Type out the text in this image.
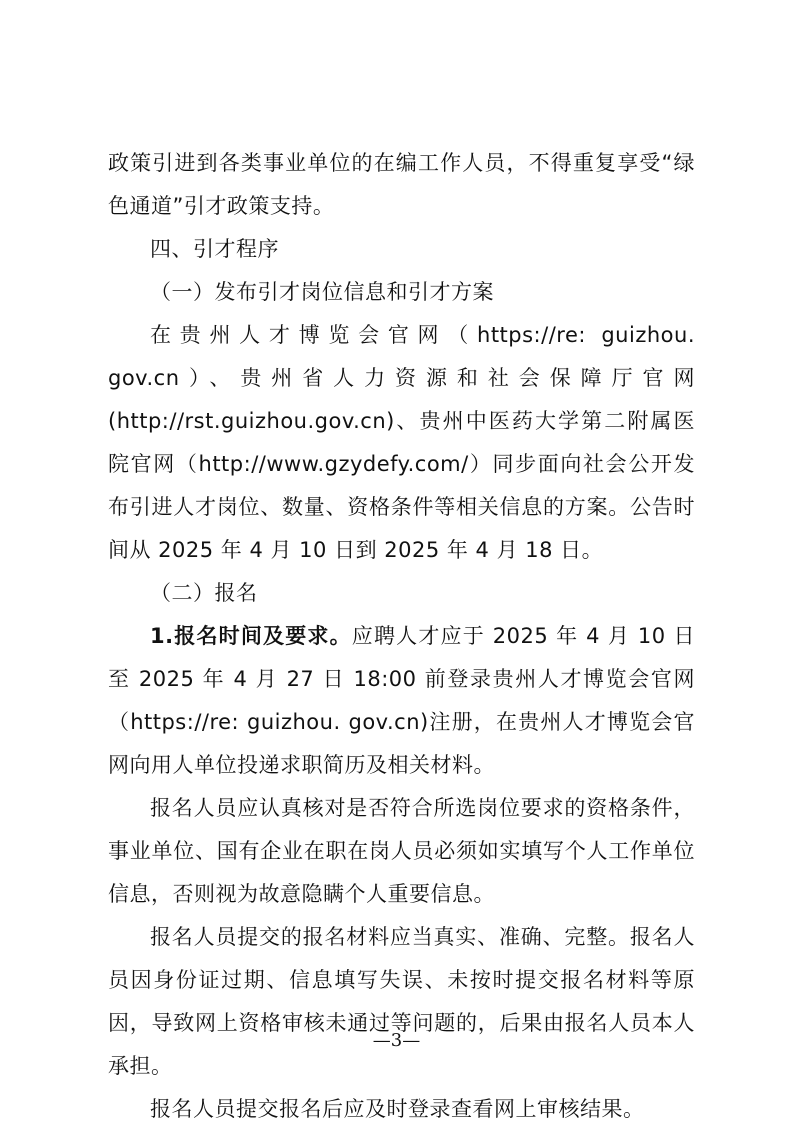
政策引进到各类事业单位的在编工作人员，不得重复享受“绿色通道”引才政策支持。

四、引才程序

（一）发布引才岗位信息和引才方案

在贵州人才博览会官网（https://re: guizhou. gov.cn）、贵州省人力资源和社会保障厅官网(http://rst.guizhou.gov.cn)、贵州中医药大学第二附属医院官网（http://www.gzydefy.com/）同步面向社会公开发布引进人才岗位、数量、资格条件等相关信息的方案。公告时间从 2025 年 4 月 10 日到 2025 年 4 月 18 日。

（二）报名

1.报名时间及要求。应聘人才应于 2025 年 4 月 10 日至 2025 年 4 月 27 日 18:00 前登录贵州人才博览会官网（https://re: guizhou. gov.cn)注册，在贵州人才博览会官网向用人单位投递求职简历及相关材料。

报名人员应认真核对是否符合所选岗位要求的资格条件，事业单位、国有企业在职在岗人员必须如实填写个人工作单位信息，否则视为故意隐瞒个人重要信息。

报名人员提交的报名材料应当真实、准确、完整。报名人员因身份证过期、信息填写失误、未按时提交报名材料等原因，导致网上资格审核未通过等问题的，后果由报名人员本人承担。

报名人员提交报名后应及时登录查看网上审核结果。

—3—
